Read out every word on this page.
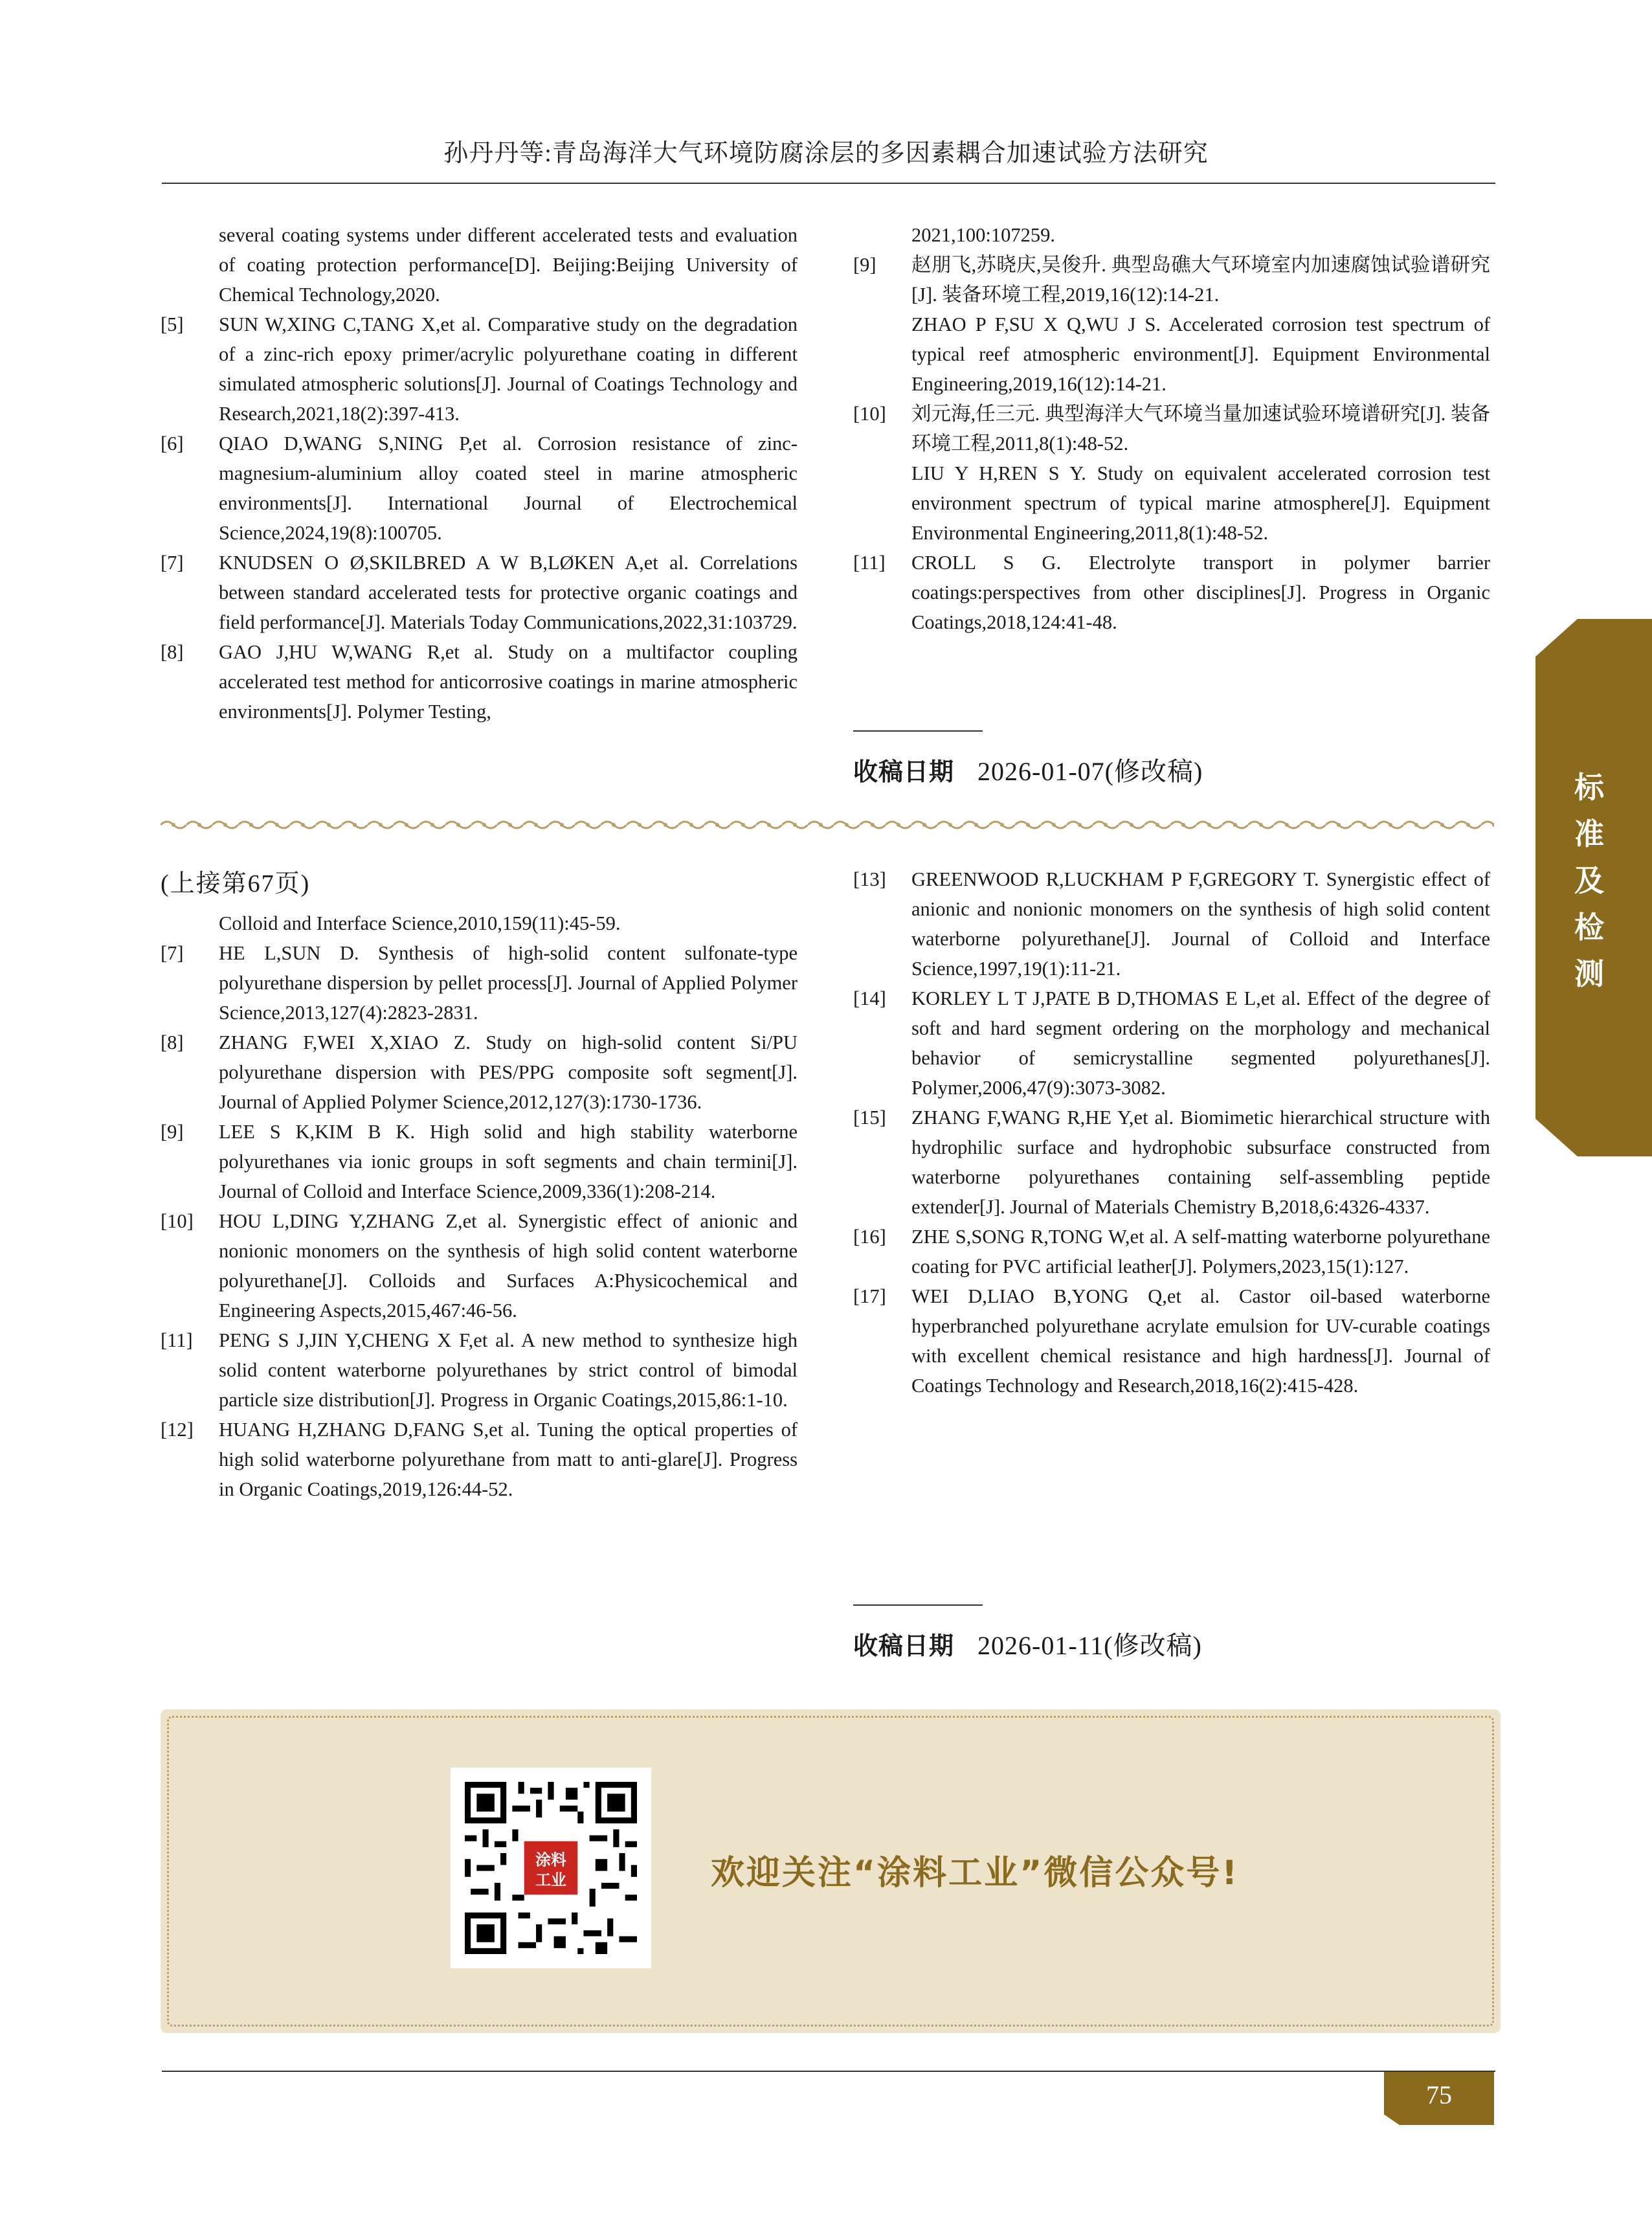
孙丹丹等:青岛海洋大气环境防腐涂层的多因素耦合加速试验方法研究

several coating systems under different accelerated tests and evaluation of coating protection performance[D]. Beijing:Beijing University of Chemical Technology,2020.

[5]	SUN W,XING C,TANG X,et al. Comparative study on the degradation of a zinc-rich epoxy primer/acrylic polyurethane coating in different simulated atmospheric solutions[J]. Journal of Coatings Technology and Research,2021,18(2):397-413.
[6]	QIAO D,WANG S,NING P,et al. Corrosion resistance of zinc-magnesium-aluminium alloy coated steel in marine atmospheric environments[J]. International Journal of Electrochemical Science,2024,19(8):100705.
[7]	KNUDSEN O Ø,SKILBRED A W B,LØKEN A,et al. Correlations between standard accelerated tests for protective organic coatings and field performance[J]. Materials Today Communications,2022,31:103729.
[8]	GAO J,HU W,WANG R,et al. Study on a multifactor coupling accelerated test method for anticorrosive coatings in marine atmospheric environments[J]. Polymer Testing,

2021,100:107259.

[9]	赵朋飞,苏晓庆,吴俊升. 典型岛礁大气环境室内加速腐蚀试验谱研究[J]. 装备环境工程,2019,16(12):14-21.
ZHAO P F,SU X Q,WU J S. Accelerated corrosion test spectrum of typical reef atmospheric environment[J]. Equipment Environmental Engineering,2019,16(12):14-21.
[10]	刘元海,任三元. 典型海洋大气环境当量加速试验环境谱研究[J]. 装备环境工程,2011,8(1):48-52.
LIU Y H,REN S Y. Study on equivalent accelerated corrosion test environment spectrum of typical marine atmosphere[J]. Equipment Environmental Engineering,2011,8(1):48-52.
[11]	CROLL S G. Electrolyte transport in polymer barrier coatings:perspectives from other disciplines[J]. Progress in Organic Coatings,2018,124:41-48.
收稿日期 2026-01-07(修改稿)

(上接第67页)

Colloid and Interface Science,2010,159(11):45-59.

[7]	HE L,SUN D. Synthesis of high-solid content sulfonate-type polyurethane dispersion by pellet process[J]. Journal of Applied Polymer Science,2013,127(4):2823-2831.
[8]	ZHANG F,WEI X,XIAO Z. Study on high-solid content Si/PU polyurethane dispersion with PES/PPG composite soft segment[J]. Journal of Applied Polymer Science,2012,127(3):1730-1736.
[9]	LEE S K,KIM B K. High solid and high stability waterborne polyurethanes via ionic groups in soft segments and chain termini[J]. Journal of Colloid and Interface Science,2009,336(1):208-214.
[10]	HOU L,DING Y,ZHANG Z,et al. Synergistic effect of anionic and nonionic monomers on the synthesis of high solid content waterborne polyurethane[J]. Colloids and Surfaces A:Physicochemical and Engineering Aspects,2015,467:46-56.
[11]	PENG S J,JIN Y,CHENG X F,et al. A new method to synthesize high solid content waterborne polyurethanes by strict control of bimodal particle size distribution[J]. Progress in Organic Coatings,2015,86:1-10.
[12]	HUANG H,ZHANG D,FANG S,et al. Tuning the optical properties of high solid waterborne polyurethane from matt to anti-glare[J]. Progress in Organic Coatings,2019,126:44-52.
[13]	GREENWOOD R,LUCKHAM P F,GREGORY T. Synergistic effect of anionic and nonionic monomers on the synthesis of high solid content waterborne polyurethane[J]. Journal of Colloid and Interface Science,1997,19(1):11-21.
[14]	KORLEY L T J,PATE B D,THOMAS E L,et al. Effect of the degree of soft and hard segment ordering on the morphology and mechanical behavior of semicrystalline segmented polyurethanes[J]. Polymer,2006,47(9):3073-3082.
[15]	ZHANG F,WANG R,HE Y,et al. Biomimetic hierarchical structure with hydrophilic surface and hydrophobic subsurface constructed from waterborne polyurethanes containing self-assembling peptide extender[J]. Journal of Materials Chemistry B,2018,6:4326-4337.
[16]	ZHE S,SONG R,TONG W,et al. A self-matting waterborne polyurethane coating for PVC artificial leather[J]. Polymers,2023,15(1):127.
[17]	WEI D,LIAO B,YONG Q,et al. Castor oil-based waterborne hyperbranched polyurethane acrylate emulsion for UV-curable coatings with excellent chemical resistance and high hardness[J]. Journal of Coatings Technology and Research,2018,16(2):415-428.
收稿日期 2026-01-11(修改稿)
标
准
及
检
测
涂料
工业	欢迎关注“涂料工业”微信公众号!
75
